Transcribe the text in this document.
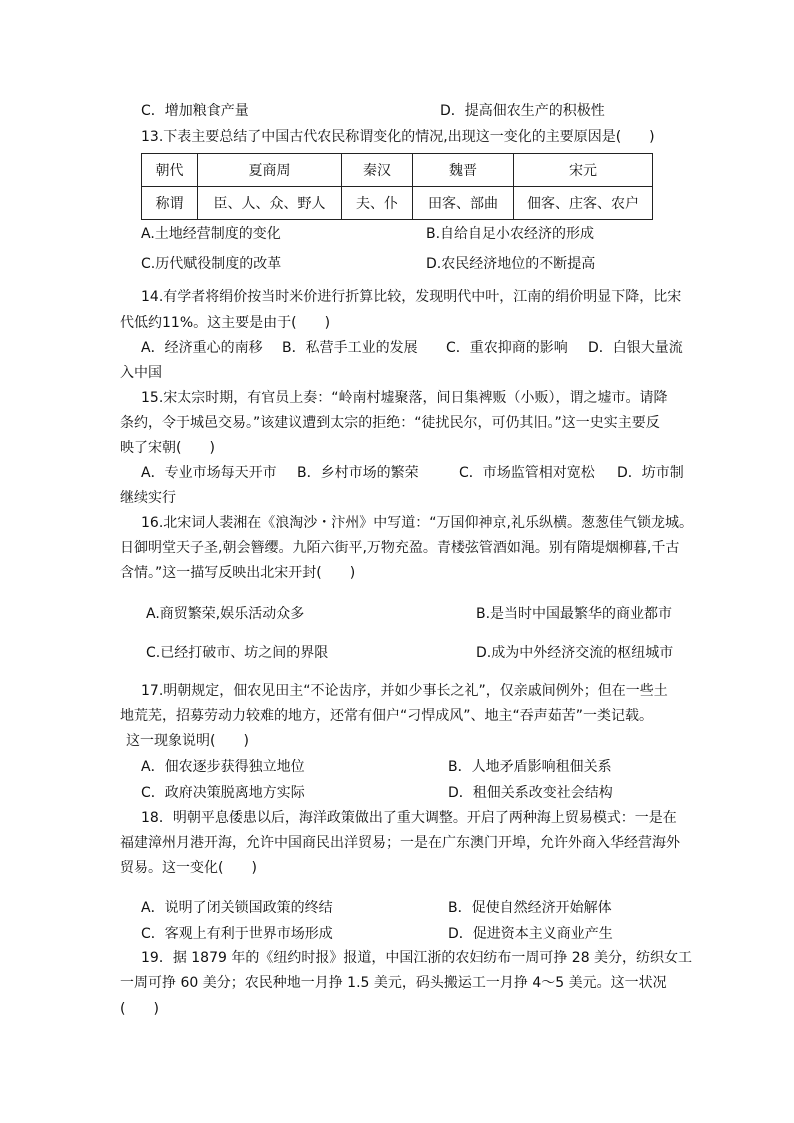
C．增加粮食产量	D．提高佃农生产的积极性
13.下表主要总结了中国古代农民称谓变化的情况,出现这一变化的主要原因是(　　)
朝代	夏商周	秦汉	魏晋	宋元
称谓	臣、人、众、野人	夫、仆	田客、部曲	佃客、庄客、农户
A.土地经营制度的变化	B.自给自足小农经济的形成
C.历代赋役制度的改革	D.农民经济地位的不断提高
14.有学者将绢价按当时米价进行折算比较，发现明代中叶，江南的绢价明显下降，比宋
代低约11%。这主要是由于(　　)
A．经济重心的南移 B．私营手工业的发展 C．重农抑商的影响 D．白银大量流
入中国
15.宋太宗时期，有官员上奏：“岭南村墟聚落，间日集裨贩（小贩），谓之墟市。请降
条约，令于城邑交易。”该建议遭到太宗的拒绝：“徒扰民尔，可仍其旧。”这一史实主要反
映了宋朝(　　)
A．专业市场每天开市 B．乡村市场的繁荣	C．市场监管相对宽松 D．坊市制
继续实行
16.北宋词人裴湘在《浪淘沙・汴州》中写道：“万国仰神京,礼乐纵横。葱葱佳气锁龙城。
日御明堂天子圣,朝会簪缨。九陌六街平,万物充盈。青楼弦管酒如渑。别有隋堤烟柳暮,千古
含情。”这一描写反映出北宋开封(　　)
A.商贸繁荣,娱乐活动众多	B.是当时中国最繁华的商业都市
C.已经打破市、坊之间的界限	D.成为中外经济交流的枢纽城市
17.明朝规定，佃农见田主“不论齿序，并如少事长之礼”，仅亲戚间例外；但在一些土
地荒芜，招募劳动力较难的地方，还常有佃户“刁悍成风”、地主“吞声茹苦”一类记载。
这一现象说明(　　)
A．佃农逐步获得独立地位	B．人地矛盾影响租佃关系
C．政府决策脱离地方实际	D．租佃关系改变社会结构
18．明朝平息倭患以后，海洋政策做出了重大调整。开启了两种海上贸易模式：一是在
福建漳州月港开海，允许中国商民出洋贸易；一是在广东澳门开埠，允许外商入华经营海外
贸易。这一变化(　　)
A．说明了闭关锁国政策的终结	B．促使自然经济开始解体
C．客观上有利于世界市场形成	D．促进资本主义商业产生
19．据 1879 年的《纽约时报》报道，中国江浙的农妇纺布一周可挣 28 美分，纺织女工
一周可挣 60 美分；农民种地一月挣 1.5 美元，码头搬运工一月挣 4～5 美元。这一状况
(　　)
